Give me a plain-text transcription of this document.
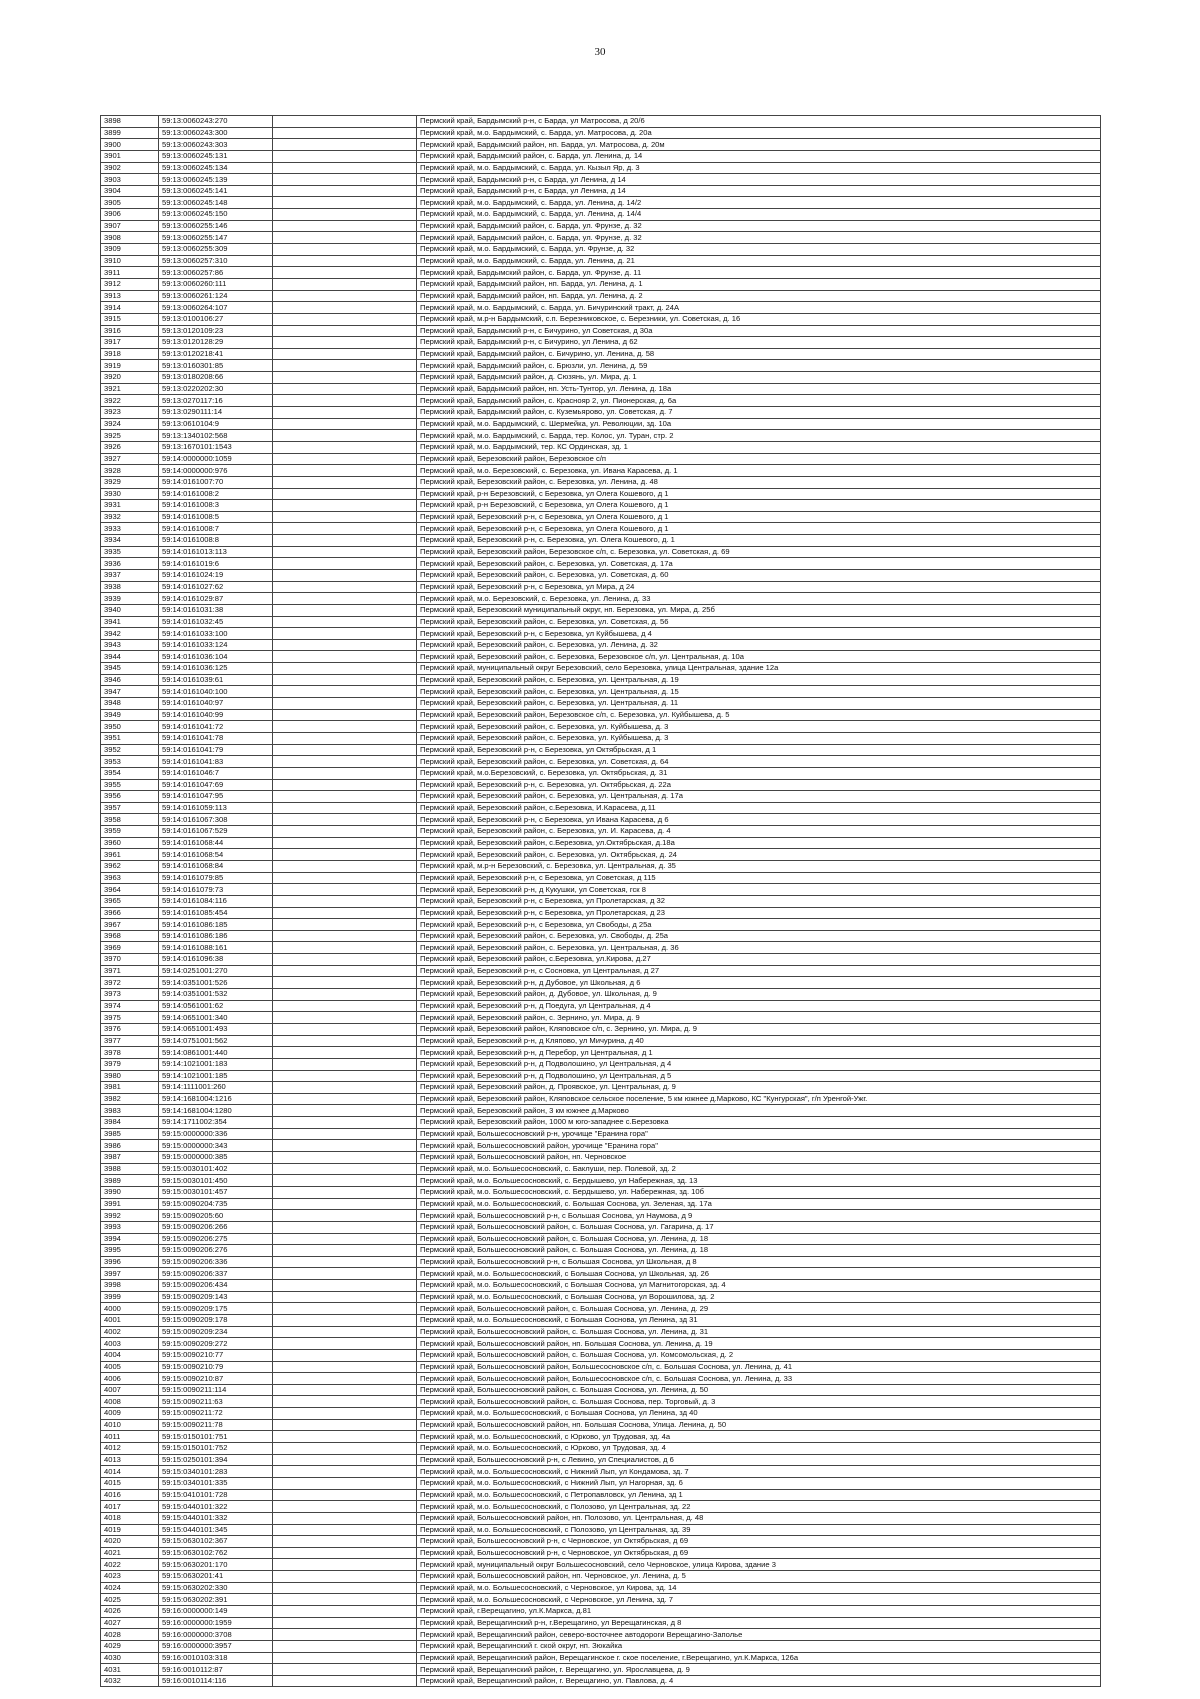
30
3898	59:13:0060243:270		Пермский край, Бардымский р-н, с Барда, ул Матросова, д 20/6
3899	59:13:0060243:300		Пермский край, м.о. Бардымский, с. Барда, ул. Матросова, д. 20а
3900	59:13:0060243:303		Пермский край, Бардымский район, нп. Барда, ул. Матросова, д. 20м
3901	59:13:0060245:131		Пермский край, Бардымский район, с. Барда, ул. Ленина, д. 14
3902	59:13:0060245:134		Пермский край, м.о. Бардымский, с. Барда, ул. Кызыл Яр, д. 3
3903	59:13:0060245:139		Пермский край, Бардымский р-н, с Барда, ул Ленина, д 14
3904	59:13:0060245:141		Пермский край, Бардымский р-н, с Барда, ул Ленина, д 14
3905	59:13:0060245:148		Пермский край, м.о. Бардымский, с. Барда, ул. Ленина, д. 14/2
3906	59:13:0060245:150		Пермский край, м.о. Бардымский, с. Барда, ул. Ленина, д. 14/4
3907	59:13:0060255:146		Пермский край, Бардымский район, с. Барда, ул. Фрунзе, д. 32
3908	59:13:0060255:147		Пермский край, Бардымский район, с. Барда, ул. Фрунзе, д. 32
3909	59:13:0060255:309		Пермский край, м.о. Бардымский, с. Барда, ул. Фрунзе, д. 32
3910	59:13:0060257:310		Пермский край, м.о. Бардымский, с. Барда, ул. Ленина, д. 21
3911	59:13:0060257:86		Пермский край, Бардымский район, с. Барда, ул. Фрунзе, д. 11
3912	59:13:0060260:111		Пермский край, Бардымский район, нп. Барда, ул. Ленина, д. 1
3913	59:13:0060261:124		Пермский край, Бардымский район, нп. Барда, ул. Ленина, д. 2
3914	59:13:0060264:107		Пермский край, м.о. Бардымский, с. Барда, ул. Бичуринский тракт, д. 24А
3915	59:13:0100106:27		Пермский край, м.р-н Бардымский, с.п. Березниковское, с. Березники, ул. Советская, д. 16
3916	59:13:0120109:23		Пермский край, Бардымский р-н, с Бичурино, ул Советская, д 30а
3917	59:13:0120128:29		Пермский край, Бардымский р-н, с Бичурино, ул Ленина, д 62
3918	59:13:0120218:41		Пермский край, Бардымский район, с. Бичурино, ул. Ленина, д. 58
3919	59:13:0160301:85		Пермский край, Бардымский район, с. Брюзли, ул. Ленина, д. 59
3920	59:13:0180208:66		Пермский край, Бардымский район, д. Сюзянь, ул. Мира, д. 1
3921	59:13:0220202:30		Пермский край, Бардымский район, нп. Усть-Тунтор, ул. Ленина, д. 18а
3922	59:13:0270117:16		Пермский край, Бардымский район, с. Краснояр 2, ул. Пионерская, д. 6а
3923	59:13:0290111:14		Пермский край, Бардымский район, с. Куземьярово, ул. Советская, д. 7
3924	59:13:0610104:9		Пермский край, м.о. Бардымский, с. Шермейка, ул. Революции, зд. 10а
3925	59:13:1340102:568		Пермский край, м.о. Бардымский, с. Барда, тер. Колос, ул. Туран, стр. 2
3926	59:13:1670101:1543		Пермский край, м.о. Бардымский, тер. КС Ординская, зд. 1
3927	59:14:0000000:1059		Пермский край, Березовский район, Березовское с/п
3928	59:14:0000000:976		Пермский край, м.о. Березовский, с. Березовка, ул. Ивана Карасева, д. 1
3929	59:14:0161007:70		Пермский край, Березовский район, с. Березовка, ул. Ленина, д. 48
3930	59:14:0161008:2		Пермский край, р-н Березовский, с Березовка, ул Олега Кошевого, д 1
3931	59:14:0161008:3		Пермский край, р-н Березовский, с Березовка, ул Олега Кошевого, д 1
3932	59:14:0161008:5		Пермский край, Березовский р-н, с Березовка, ул Олега Кошевого, д 1
3933	59:14:0161008:7		Пермский край, Березовский р-н, с Березовка, ул Олега Кошевого, д 1
3934	59:14:0161008:8		Пермский край, Березовский р-н, с. Березовка, ул. Олега Кошевого, д. 1
3935	59:14:0161013:113		Пермский край, Березовский район, Березовское с/п, с. Березовка, ул. Советская, д. 69
3936	59:14:0161019:6		Пермский край, Березовский район, с. Березовка, ул. Советская, д. 17а
3937	59:14:0161024:19		Пермский край, Березовский район, с. Березовка, ул. Советская, д. 60
3938	59:14:0161027:62		Пермский край, Березовский р-н, с Березовка, ул Мира, д 24
3939	59:14:0161029:87		Пермский край, м.о. Березовский, с. Березовка, ул. Ленина, д. 33
3940	59:14:0161031:38		Пермский край, Березовский муниципальный округ, нп. Березовка, ул. Мира, д. 25б
3941	59:14:0161032:45		Пермский край, Березовский район, с. Березовка, ул. Советская, д. 56
3942	59:14:0161033:100		Пермский край, Березовский р-н, с Березовка, ул Куйбышева, д 4
3943	59:14:0161033:124		Пермский край, Березовский район, с. Березовка, ул. Ленина, д. 32
3944	59:14:0161036:104		Пермский край, Березовский район, с. Березовка, Березовское с/п, ул. Центральная, д. 10а
3945	59:14:0161036:125		Пермский край, муниципальный округ Березовский, село Березовка, улица Центральная, здание 12а
3946	59:14:0161039:61		Пермский край, Березовский район, с. Березовка, ул. Центральная, д. 19
3947	59:14:0161040:100		Пермский край, Березовский район, с. Березовка, ул. Центральная, д. 15
3948	59:14:0161040:97		Пермский край, Березовский район, с. Березовка, ул. Центральная, д. 11
3949	59:14:0161040:99		Пермский край, Березовский район, Березовское с/п, с. Березовка, ул. Куйбышева, д. 5
3950	59:14:0161041:72		Пермский край, Березовский район, с. Березовка, ул. Куйбышева, д. 3
3951	59:14:0161041:78		Пермский край, Березовский район, с. Березовка, ул. Куйбышева, д. 3
3952	59:14:0161041:79		Пермский край, Березовский р-н, с Березовка, ул Октябрьская, д 1
3953	59:14:0161041:83		Пермский край, Березовский район, с. Березовка, ул. Советская, д. 64
3954	59:14:0161046:7		Пермский край, м.о.Березовский, с. Березовка, ул. Октябрьская, д. 31
3955	59:14:0161047:69		Пермский край, Березовский р-н, с. Березовка, ул. Октябрьская, д. 22а
3956	59:14:0161047:95		Пермский край, Березовский район, с. Березовка, ул. Центральная, д. 17а
3957	59:14:0161059:113		Пермский край, Березовский район, с.Березовка, И.Карасева, д.11
3958	59:14:0161067:308		Пермский край, Березовский р-н, с Березовка, ул Ивана Карасева, д 6
3959	59:14:0161067:529		Пермский край, Березовский район, с. Березовка, ул. И. Карасева, д. 4
3960	59:14:0161068:44		Пермский край, Березовский район, с.Березовка, ул.Октябрьская, д.18а
3961	59:14:0161068:54		Пермский край, Березовский район, с. Березовка, ул. Октябрьская, д. 24
3962	59:14:0161068:84		Пермский край, м.р-н Березовский, с. Березовка, ул. Центральная, д. 35
3963	59:14:0161079:85		Пермский край, Березовский р-н, с Березовка, ул Советская, д 115
3964	59:14:0161079:73		Пермский край, Березовский р-н, д Кукушки, ул Советская, гск 8
3965	59:14:0161084:116		Пермский край, Березовский р-н, с Березовка, ул Пролетарская, д 32
3966	59:14:0161085:454		Пермский край, Березовский р-н, с Березовка, ул Пролетарская, д 23
3967	59:14:0161086:185		Пермский край, Березовский р-н, с Березовка, ул Свободы, д 25а
3968	59:14:0161086:186		Пермский край, Березовский район, с. Березовка, ул. Свободы, д. 25а
3969	59:14:0161088:161		Пермский край, Березовский район, с. Березовка, ул. Центральная, д. 36
3970	59:14:0161096:38		Пермский край, Березовский район, с.Березовка, ул.Кирова, д.27
3971	59:14:0251001:270		Пермский край, Березовский р-н, с Сосновка, ул Центральная, д 27
3972	59:14:0351001:526		Пермский край, Березовский р-н, д Дубовое, ул Школьная, д 6
3973	59:14:0351001:532		Пермский край, Березовский район, д. Дубовое, ул. Школьная, д. 9
3974	59:14:0561001:62		Пермский край, Березовский р-н, д Поедуга, ул Центральная, д 4
3975	59:14:0651001:340		Пермский край, Березовский район, с. Зернино, ул. Мира, д. 9
3976	59:14:0651001:493		Пермский край, Березовский район, Кляповское с/п, с. Зернино, ул. Мира, д. 9
3977	59:14:0751001:562		Пермский край, Березовский р-н, д Кляпово, ул Мичурина, д 40
3978	59:14:0861001:440		Пермский край, Березовский р-н, д Перебор, ул Центральная, д 1
3979	59:14:1021001:183		Пермский край, Березовский р-н, д Подволошино, ул Центральная, д 4
3980	59:14:1021001:185		Пермский край, Березовский р-н, д Подволошино, ул Центральная, д 5
3981	59:14:1111001:260		Пермский край, Березовский район, д. Проявское, ул. Центральная, д. 9
3982	59:14:1681004:1216		Пермский край, Березовский район, Кляповское сельское поселение, 5 км южнее д.Марково, КС "Кунгурская", г/п Уренгой-Ужг.
3983	59:14:1681004:1280		Пермский край, Березовский район, 3 км южнее д.Марково
3984	59:14:1711002:354		Пермский край, Березовский район, 1000 м юго-западнее с.Березовка
3985	59:15:0000000:336		Пермский край, Большесосновский р-н, урочище "Еранина гора"
3986	59:15:0000000:343		Пермский край, Большесосновский район, урочище "Еранина гора"
3987	59:15:0000000:385		Пермский край, Большесосновский район, нп. Черновское
3988	59:15:0030101:402		Пермский край, м.о. Большесосновский, с. Баклуши, пер. Полевой, зд. 2
3989	59:15:0030101:450		Пермский край, м.о. Большесосновский, с. Бердышево, ул Набережная, зд. 13
3990	59:15:0030101:457		Пермский край, м.о. Большесосновский, с. Бердышево, ул. Набережная, зд. 10б
3991	59:15:0090204:735		Пермский край, м.о. Большесосновский, с. Большая Соснова, ул. Зеленая, зд. 17а
3992	59:15:0090205:60		Пермский край, Большесосновский р-н, с Большая Соснова, ул Наумова, д 9
3993	59:15:0090206:266		Пермский край, Большесосновский район, с. Большая Соснова, ул. Гагарина, д. 17
3994	59:15:0090206:275		Пермский край, Большесосновский район, с. Большая Соснова, ул. Ленина, д. 18
3995	59:15:0090206:276		Пермский край, Большесосновский район, с. Большая Соснова, ул. Ленина, д. 18
3996	59:15:0090206:336		Пермский край, Большесосновский р-н, с Большая Соснова, ул Школьная, д 8
3997	59:15:0090206:337		Пермский край, м.о. Большесосновский, с Большая Соснова, ул Школьная, зд. 26
3998	59:15:0090206:434		Пермский край, м.о. Большесосновский, с Большая Соснова, ул Магнитогорская, зд. 4
3999	59:15:0090209:143		Пермский край, м.о. Большесосновский, с Большая Соснова, ул Ворошилова, зд. 2
4000	59:15:0090209:175		Пермский край, Большесосновский район, с. Большая Соснова, ул. Ленина, д. 29
4001	59:15:0090209:178		Пермский край, м.о. Большесосновский, с Большая Соснова, ул Ленина, зд 31
4002	59:15:0090209:234		Пермский край, Большесосновский район, с. Большая Соснова, ул. Ленина, д. 31
4003	59:15:0090209:272		Пермский край, Большесосновский район, нп. Большая Соснова, ул. Ленина, д. 19
4004	59:15:0090210:77		Пермский край, Большесосновский район, с. Большая Соснова, ул. Комсомольская, д. 2
4005	59:15:0090210:79		Пермский край, Большесосновский район, Большесосновское с/п, с. Большая Соснова, ул. Ленина, д. 41
4006	59:15:0090210:87		Пермский край, Большесосновский район, Большесосновское с/п, с. Большая Соснова, ул. Ленина, д. 33
4007	59:15:0090211:114		Пермский край, Большесосновский район, с. Большая Соснова, ул. Ленина, д. 50
4008	59:15:0090211:63		Пермский край, Большесосновский район, с. Большая Соснова, пер. Торговый, д. 3
4009	59:15:0090211:72		Пермский край, м.о. Большесосновский, с Большая Соснова, ул Ленина, зд 40
4010	59:15:0090211:78		Пермский край, Большесосновский район, нп. Большая Соснова, Улица. Ленина, д. 50
4011	59:15:0150101:751		Пермский край, м.о. Большесосновский, с Юрково, ул Трудовая, зд. 4а
4012	59:15:0150101:752		Пермский край, м.о. Большесосновский, с Юрково, ул Трудовая, зд. 4
4013	59:15:0250101:394		Пермский край, Большесосновский р-н, с Левино, ул Специалистов, д 6
4014	59:15:0340101:283		Пермский край, м.о. Большесосновский, с Нижний Лып, ул Кондамова, зд. 7
4015	59:15:0340101:335		Пермский край, м.о. Большесосновский, с Нижний Лып, ул Нагорная, зд. 6
4016	59:15:0410101:728		Пермский край, м.о. Большесосновский, с Петропавловск, ул Ленина, зд 1
4017	59:15:0440101:322		Пермский край, м.о. Большесосновский, с Полозово, ул Центральная, зд. 22
4018	59:15:0440101:332		Пермский край, Большесосновский район, нп. Полозово, ул. Центральная, д. 48
4019	59:15:0440101:345		Пермский край, м.о. Большесосновский, с Полозово, ул Центральная, зд. 39
4020	59:15:0630102:367		Пермский край, Большесосновский р-н, с Черновское, ул Октябрьская, д 69
4021	59:15:0630102:762		Пермский край, Большесосновский р-н, с Черновское, ул Октябрьская, д 69
4022	59:15:0630201:170		Пермский край, муниципальный округ Большесосновский, село Черновское, улица Кирова, здание 3
4023	59:15:0630201:41		Пермский край, Большесосновский район, нп. Черновское, ул. Ленина, д. 5
4024	59:15:0630202:330		Пермский край, м.о. Большесосновский, с Черновское, ул Кирова, зд. 14
4025	59:15:0630202:391		Пермский край, м.о. Большесосновский, с Черновское, ул Ленина, зд. 7
4026	59:16:0000000:149		Пермский край, г.Верещагино, ул.К.Маркса, д.81
4027	59:16:0000000:1959		Пермский край, Верещагинский р-н, г.Верещагино, ул Верещагинская, д 8
4028	59:16:0000000:3708		Пермский край, Верещагинский район, северо-восточнее автодороги Верещагино-Заполье
4029	59:16:0000000:3957		Пермский край, Верещагинский г. ской округ, нп. Зюкайка
4030	59:16:0010103:318		Пермский край, Верещагинский район, Верещагинское г. ское поселение, г.Верещагино, ул.К.Маркса, 126а
4031	59:16:0010112:87		Пермский край, Верещагинский район, г. Верещагино, ул. Ярославцева, д. 9
4032	59:16:0010114:116		Пермский край, Верещагинский район, г. Верещагино, ул. Павлова, д. 4
